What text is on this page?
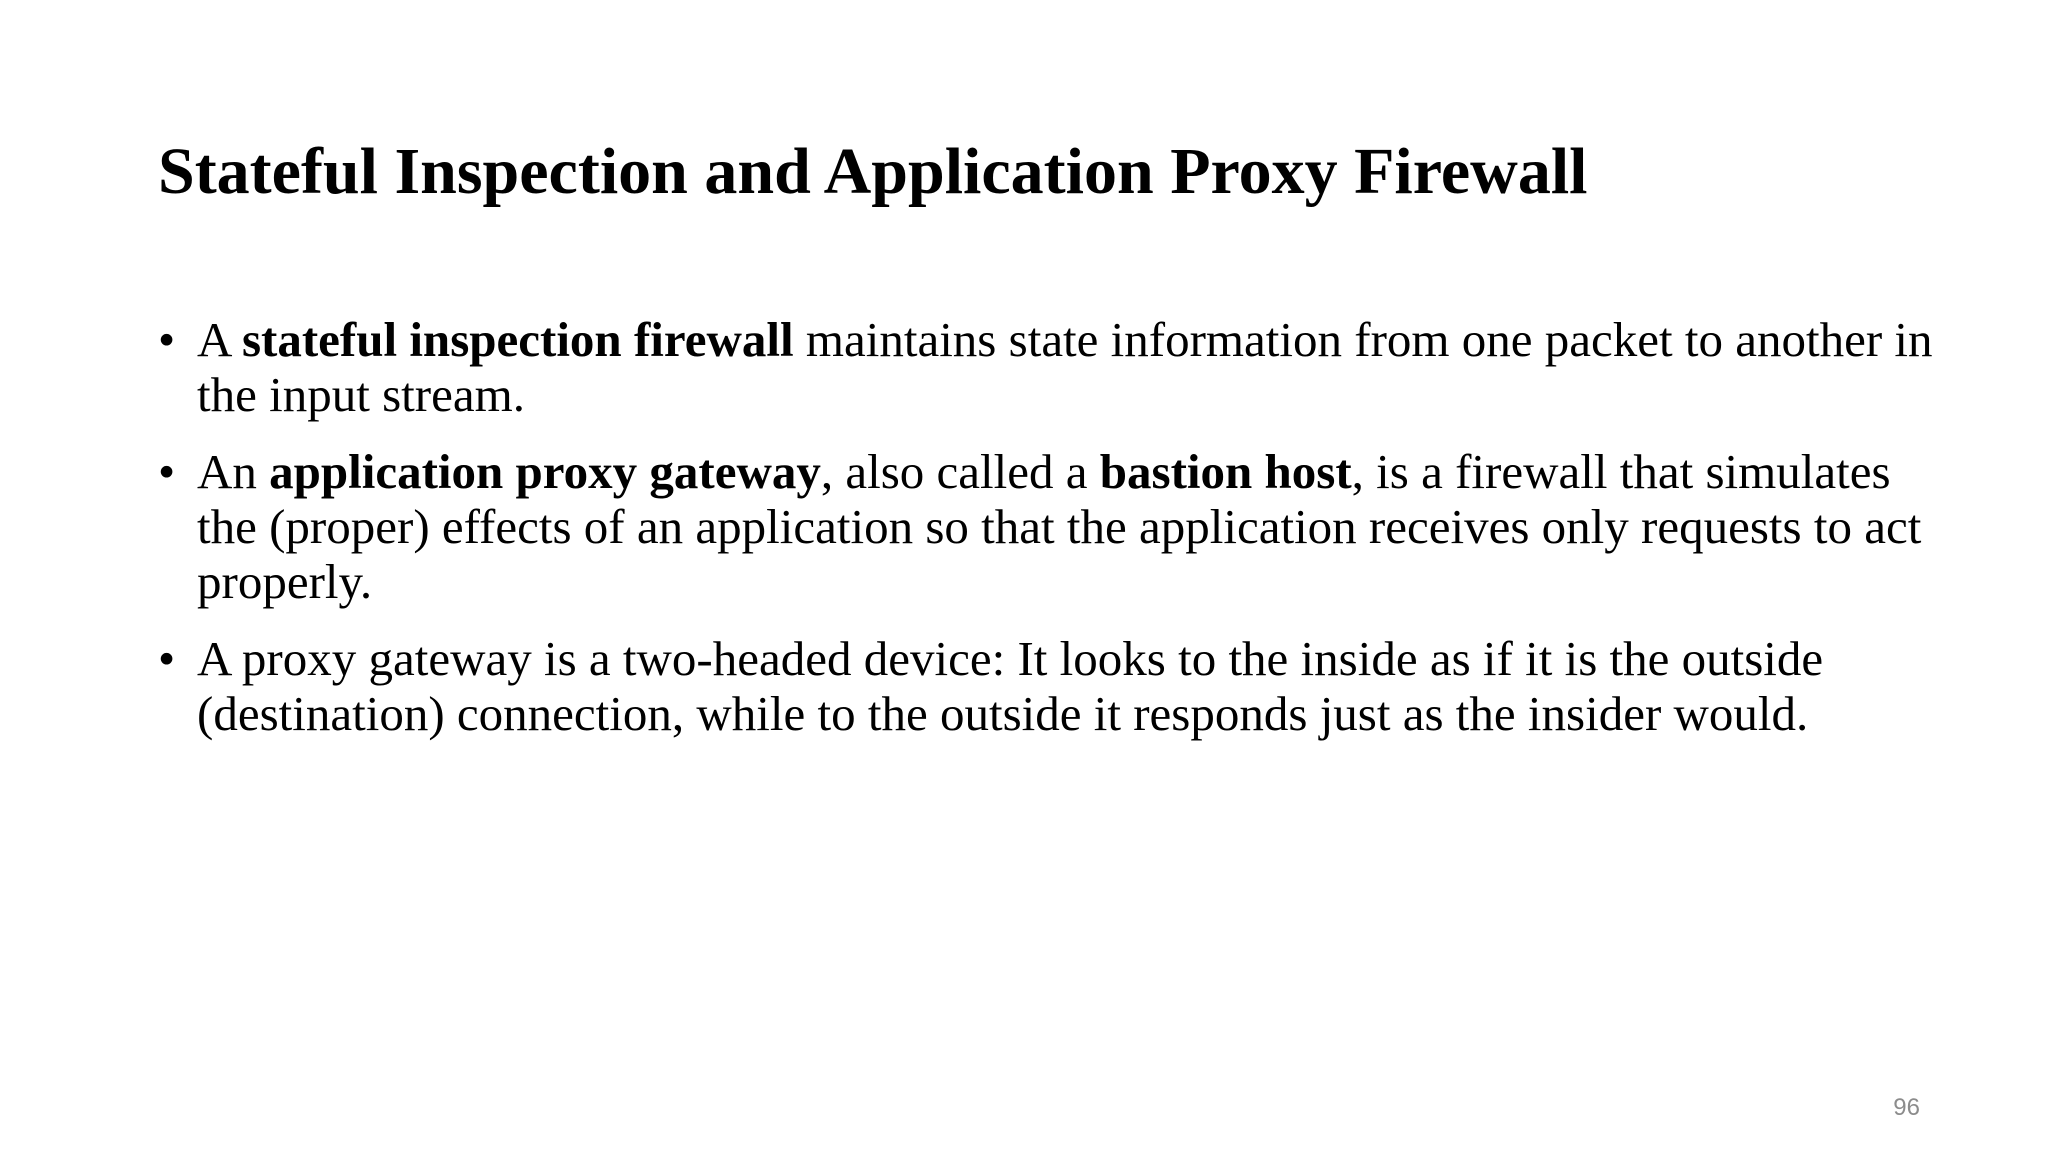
Stateful Inspection and Application Proxy Firewall
• A stateful inspection firewall maintains state information from one packet to another in the input stream.
• An application proxy gateway, also called a bastion host, is a firewall that simulates the (proper) effects of an application so that the application receives only requests to act properly.
• A proxy gateway is a two-headed device: It looks to the inside as if it is the outside (destination) connection, while to the outside it responds just as the insider would.
96
